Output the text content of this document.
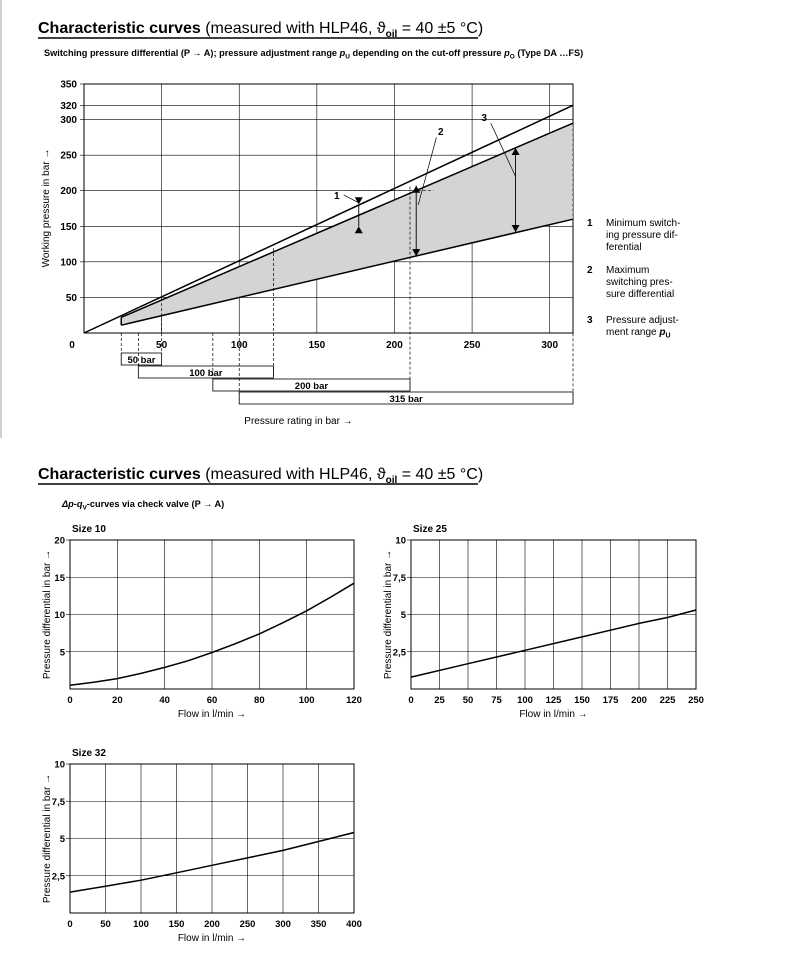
Characteristic curves (measured with HLP46, $ϑ_{oil} = 40 \pm 5$ °C)
Characteristic curves (measured with HLP46, $ϑ_{oil} = 40 \pm 5$ °C)
Switching pressure differential (P → A); pressure adjustment range $p_U$ depending on the cut-off pressure $p_O$ (Type DA …FS)
$\Delta p-q_V$-curves via check valve (P → A)
0	50	100	150	200	250	300
50
100
150
200
250
300
320
350
50 bar
100 bar
200 bar
315 bar
Pressure rating in bar →
Working pressure in bar →	1
2
3
1 Minimum switch-
ing pressure dif-
ferential
2 Maximum
switching pres-
sure differential
3 Pressure adjust-
ment range $p_U$
Size 10
0	20	40	60	80	100	120
5
10
15
20
Flow in l/min →
Pressure differential in bar →
Size 25
0 25 50 75 100 125 150 175 200 225 250
2,5
5
7,5
10
Flow in l/min →
Pressure differential in bar →
Size 32
0	50 100 150 200 250 300 350 400
2,5
5
7,5
10
Flow in l/min →
Pressure differential in bar →
